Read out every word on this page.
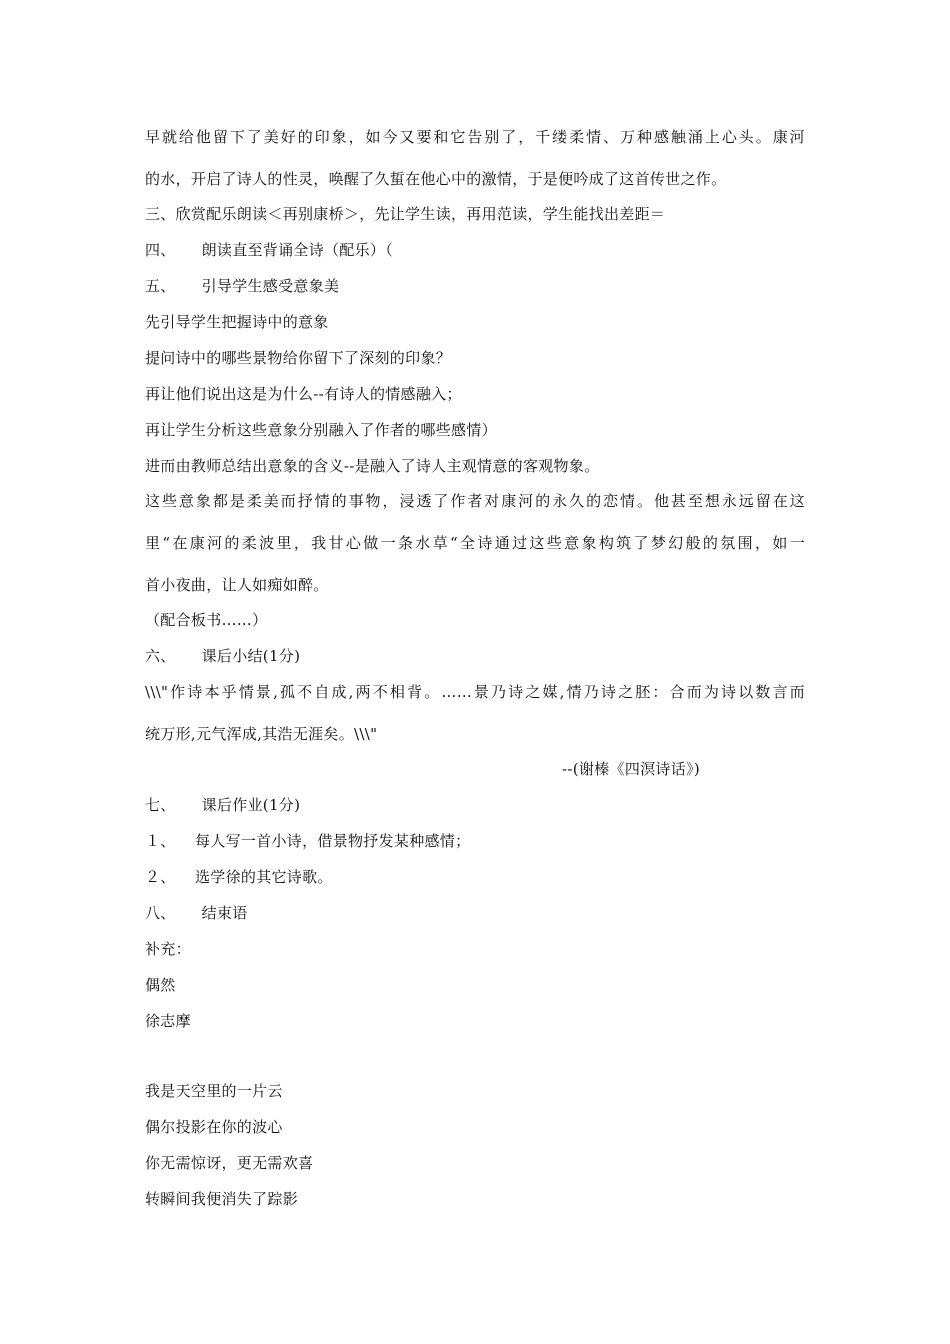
早就给他留下了美好的印象，如今又要和它告别了，千缕柔情、万种感触涌上心头。康河
的水，开启了诗人的性灵，唤醒了久蜇在他心中的激情，于是便吟成了这首传世之作。
三、欣赏配乐朗读＜再别康桥＞，先让学生读，再用范读，学生能找出差距＝
四、 朗读直至背诵全诗（配乐）（
五、 引导学生感受意象美
先引导学生把握诗中的意象
提问诗中的哪些景物给你留下了深刻的印象？
再让他们说出这是为什么--有诗人的情感融入；
再让学生分析这些意象分别融入了作者的哪些感情）
进而由教师总结出意象的含义--是融入了诗人主观情意的客观物象。
这些意象都是柔美而抒情的事物，浸透了作者对康河的永久的恋情。他甚至想永远留在这
里“在康河的柔波里，我甘心做一条水草“全诗通过这些意象构筑了梦幻般的氛围，如一
首小夜曲，让人如痴如醉。
（配合板书……）
六、 课后小结(1分)
\\\"作诗本乎情景,孤不自成,两不相背。……景乃诗之媒,情乃诗之胚：合而为诗以数言而
统万形,元气浑成,其浩无涯矣。\\\"
--(谢榛《四溟诗话》)
七、 课后作业(1分)
１、 每人写一首小诗，借景物抒发某种感情；
２、 选学徐的其它诗歌。
八、 结束语
补充：
偶然
徐志摩
我是天空里的一片云
偶尔投影在你的波心
你无需惊讶，更无需欢喜
转瞬间我便消失了踪影
